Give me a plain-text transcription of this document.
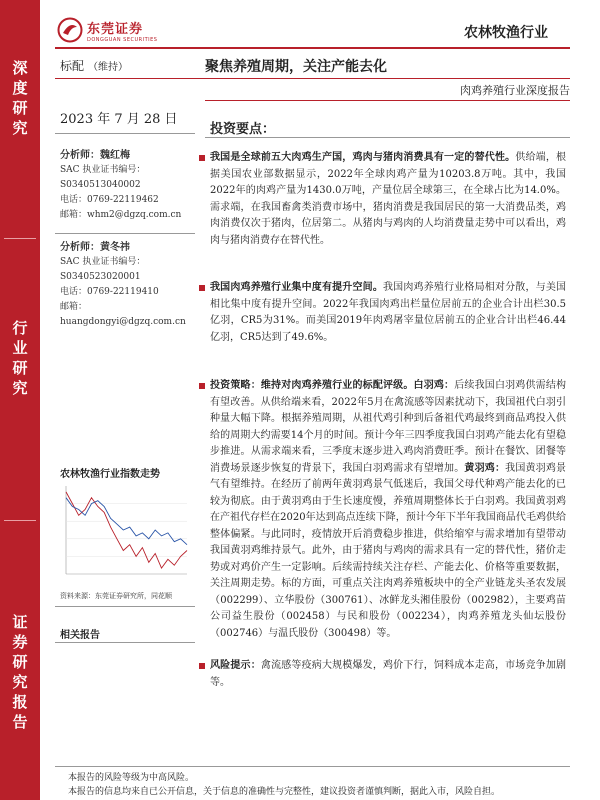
深
度
研
究
行
业
研
究
证
券
研
究
报
告
东莞证券
DONGGUAN SECURITIES	农林牧渔行业
标配 （维持）	聚焦养殖周期，关注产能去化
肉鸡养殖行业深度报告
2023 年 7 月 28 日
分析师：魏红梅
SAC 执业证书编号：
S0340513040002
电话：0769-22119462
邮箱：whm2@dgzq.com.cn
分析师：黄冬祎
SAC 执业证书编号：
S0340523020001
电话：0769-22119410
邮箱：
huangdongyi@dgzq.com.cn
农林牧渔行业指数走势
资料来源：东莞证券研究所，同花顺
相关报告
投资要点：
我国是全球前五大肉鸡生产国，鸡肉与猪肉消费具有一定的替代性。供给端，根据美国农业部数据显示，2022年全球肉鸡产量为10203.8万吨。其中，我国2022年的肉鸡产量为1430.0万吨，产量位居全球第三，在全球占比为14.0%。需求端，在我国畜禽类消费市场中，猪肉消费是我国居民的第一大消费品类，鸡肉消费仅次于猪肉，位居第二。从猪肉与鸡肉的人均消费量走势中可以看出，鸡肉与猪肉消费存在替代性。
我国肉鸡养殖行业集中度有提升空间。我国肉鸡养殖行业格局相对分散，与美国相比集中度有提升空间。2022年我国肉鸡出栏量位居前五的企业合计出栏30.5亿羽，CR5为31%。而美国2019年肉鸡屠宰量位居前五的企业合计出栏46.44亿羽，CR5达到了49.6%。
投资策略：维持对肉鸡养殖行业的标配评级。白羽鸡：后续我国白羽鸡供需结构有望改善。从供给端来看，2022年5月在禽流感等因素扰动下，我国祖代白羽引种量大幅下降。根据养殖周期，从祖代鸡引种到后备祖代鸡最终到商品鸡投入供给的周期大约需要14个月的时间。预计今年三四季度我国白羽鸡产能去化有望稳步推进。从需求端来看，三季度末逐步进入鸡肉消费旺季。预计在餐饮、团餐等消费场景逐步恢复的背景下，我国白羽鸡需求有望增加。黄羽鸡：我国黄羽鸡景气有望维持。在经历了前两年黄羽鸡景气低迷后，我国父母代种鸡产能去化的已较为彻底。由于黄羽鸡由于生长速度慢，养殖周期整体长于白羽鸡。我国黄羽鸡在产祖代存栏在2020年达到高点连续下降，预计今年下半年我国商品代毛鸡供给整体偏紧。与此同时，疫情放开后消费稳步推进，供给缩窄与需求增加有望带动我国黄羽鸡维持景气。此外，由于猪肉与鸡肉的需求具有一定的替代性，猪价走势或对鸡价产生一定影响。后续需持续关注存栏、产能去化、价格等重要数据，关注周期走势。标的方面，可重点关注肉鸡养殖板块中的全产业链龙头圣农发展（002299）、立华股份（300761）、冰鲜龙头湘佳股份（002982），主要鸡苗公司益生股份（002458）与民和股份（002234），肉鸡养殖龙头仙坛股份（002746）与温氏股份（300498）等。
风险提示：禽流感等疫病大规模爆发，鸡价下行，饲料成本走高，市场竞争加剧等。
本报告的风险等级为中高风险。
本报告的信息均来自已公开信息，关于信息的准确性与完整性，建议投资者谨慎判断，据此入市，风险自担。
